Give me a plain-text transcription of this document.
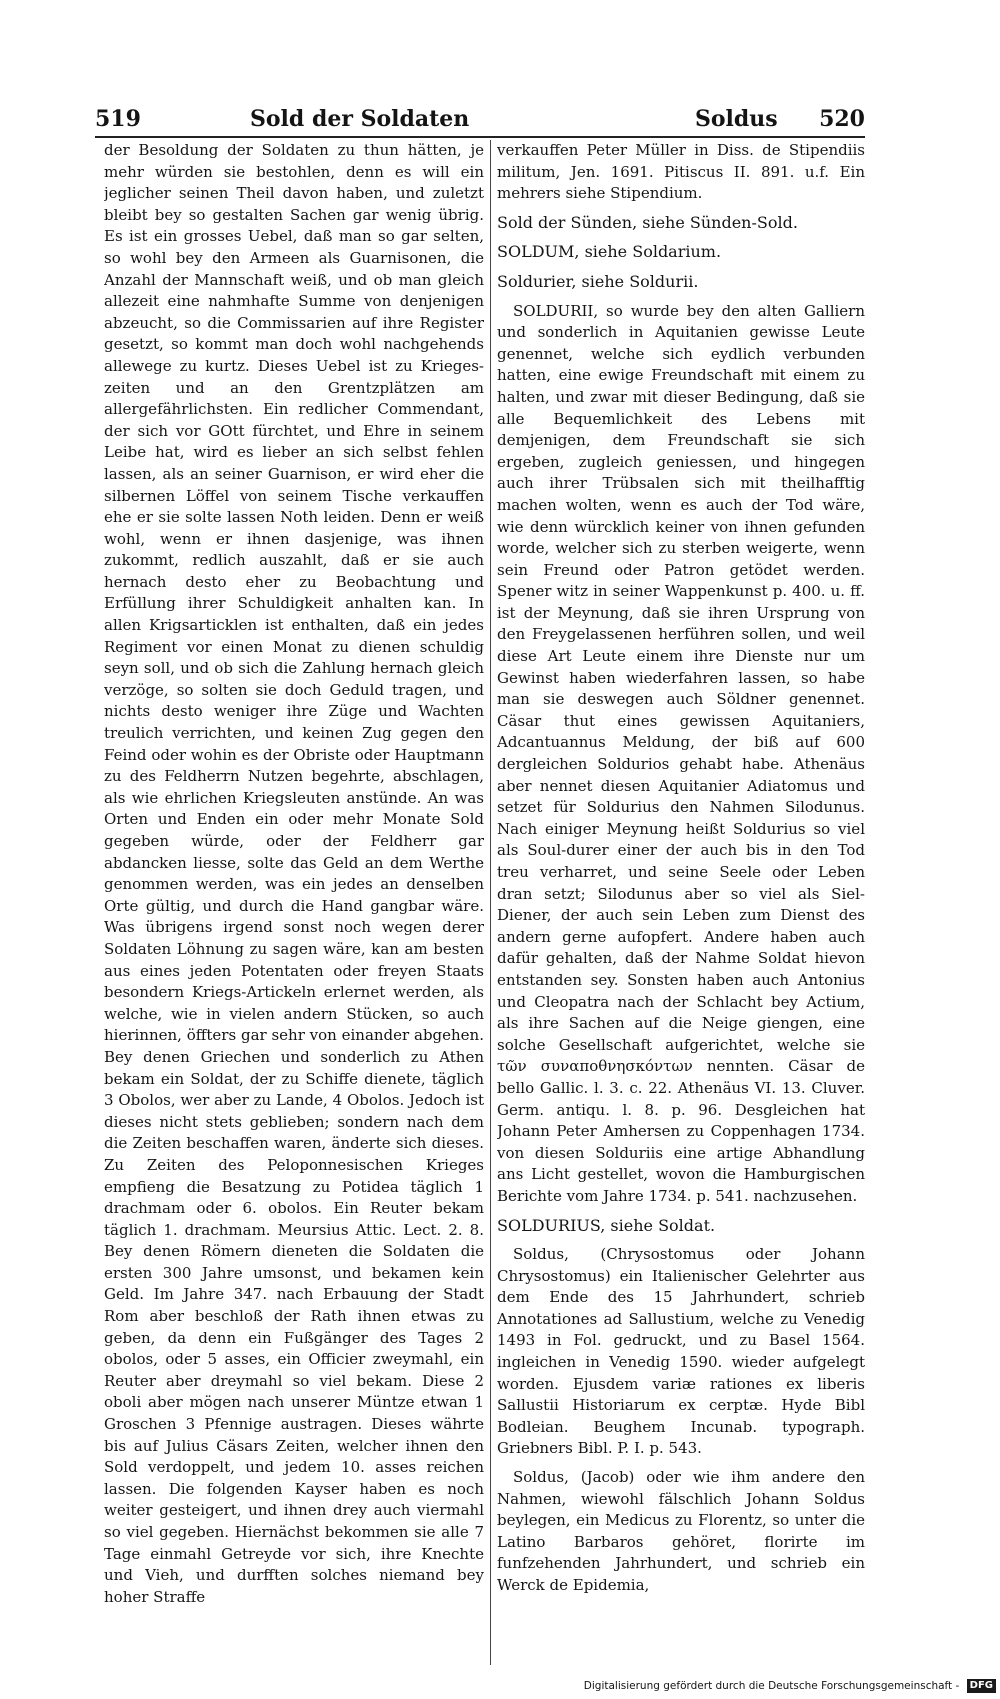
519	Sold der Soldaten	Soldus 520

der Besoldung der Soldaten zu thun hätten, je mehr würden sie bestohlen, denn es will ein jeglicher seinen Theil davon haben, und zuletzt bleibt bey so gestalten Sachen gar wenig übrig. Es ist ein grosses Uebel, daß man so gar selten, so wohl bey den Armeen als Guarnisonen, die Anzahl der Mannschaft weiß, und ob man gleich allezeit eine nahmhafte Summe von denjenigen abzeucht, so die Commissarien auf ihre Register gesetzt, so kommt man doch wohl nachgehends allewege zu kurtz. Dieses Uebel ist zu Krieges-zeiten und an den Grentzplätzen am allergefährlichsten. Ein redlicher Commendant, der sich vor GOtt fürchtet, und Ehre in seinem Leibe hat, wird es lieber an sich selbst fehlen lassen, als an seiner Guarnison, er wird eher die silbernen Löffel von seinem Tische verkauffen ehe er sie solte lassen Noth leiden. Denn er weiß wohl, wenn er ihnen dasjenige, was ihnen zukommt, redlich auszahlt, daß er sie auch hernach desto eher zu Beobachtung und Erfüllung ihrer Schuldigkeit anhalten kan. In allen Krigsarticklen ist enthalten, daß ein jedes Regiment vor einen Monat zu dienen schuldig seyn soll, und ob sich die Zahlung hernach gleich verzöge, so solten sie doch Geduld tragen, und nichts desto weniger ihre Züge und Wachten treulich verrichten, und keinen Zug gegen den Feind oder wohin es der Obriste oder Hauptmann zu des Feldherrn Nutzen begehrte, abschlagen, als wie ehrlichen Kriegsleuten anstünde. An was Orten und Enden ein oder mehr Monate Sold gegeben würde, oder der Feldherr gar abdancken liesse, solte das Geld an dem Werthe genommen werden, was ein jedes an denselben Orte gültig, und durch die Hand gangbar wäre. Was übrigens irgend sonst noch wegen derer Soldaten Löhnung zu sagen wäre, kan am besten aus eines jeden Potentaten oder freyen Staats besondern Kriegs-Artickeln erlernet werden, als welche, wie in vielen andern Stücken, so auch hierinnen, öffters gar sehr von einander abgehen. Bey denen Griechen und sonderlich zu Athen bekam ein Soldat, der zu Schiffe dienete, täglich 3 Obolos, wer aber zu Lande, 4 Obolos. Jedoch ist dieses nicht stets geblieben; sondern nach dem die Zeiten beschaffen waren, änderte sich dieses. Zu Zeiten des Peloponnesischen Krieges empfieng die Besatzung zu Potidea täglich 1 drachmam oder 6. obolos. Ein Reuter bekam täglich 1. drachmam. Meursius Attic. Lect. 2. 8. Bey denen Römern dieneten die Soldaten die ersten 300 Jahre umsonst, und bekamen kein Geld. Im Jahre 347. nach Erbauung der Stadt Rom aber beschloß der Rath ihnen etwas zu geben, da denn ein Fußgänger des Tages 2 obolos, oder 5 asses, ein Officier zweymahl, ein Reuter aber dreymahl so viel bekam. Diese 2 oboli aber mögen nach unserer Müntze etwan 1 Groschen 3 Pfennige austragen. Dieses währte bis auf Julius Cäsars Zeiten, welcher ihnen den Sold verdoppelt, und jedem 10. asses reichen lassen. Die folgenden Kayser haben es noch weiter gesteigert, und ihnen drey auch viermahl so viel gegeben. Hiernächst bekommen sie alle 7 Tage einmahl Getreyde vor sich, ihre Knechte und Vieh, und durfften solches niemand bey hoher Straffe

verkauffen Peter Müller in Diss. de Stipendiis militum, Jen. 1691. Pitiscus II. 891. u.f. Ein mehrers siehe Stipendium.

Sold der Sünden, siehe Sünden-Sold.

SOLDUM, siehe Soldarium.

Soldurier, siehe Soldurii.

SOLDURII, so wurde bey den alten Galliern und sonderlich in Aquitanien gewisse Leute genennet, welche sich eydlich verbunden hatten, eine ewige Freundschaft mit einem zu halten, und zwar mit dieser Bedingung, daß sie alle Bequemlichkeit des Lebens mit demjenigen, dem Freundschaft sie sich ergeben, zugleich geniessen, und hingegen auch ihrer Trübsalen sich mit theilhafftig machen wolten, wenn es auch der Tod wäre, wie denn würcklich keiner von ihnen gefunden worde, welcher sich zu sterben weigerte, wenn sein Freund oder Patron getödet werden. Spener witz in seiner Wappenkunst p. 400. u. ff. ist der Meynung, daß sie ihren Ursprung von den Freygelassenen herführen sollen, und weil diese Art Leute einem ihre Dienste nur um Gewinst haben wiederfahren lassen, so habe man sie deswegen auch Söldner genennet. Cäsar thut eines gewissen Aquitaniers, Adcantuannus Meldung, der biß auf 600 dergleichen Soldurios gehabt habe. Athenäus aber nennet diesen Aquitanier Adiatomus und setzet für Soldurius den Nahmen Silodunus. Nach einiger Meynung heißt Soldurius so viel als Soul-durer einer der auch bis in den Tod treu verharret, und seine Seele oder Leben dran setzt; Silodunus aber so viel als Siel-Diener, der auch sein Leben zum Dienst des andern gerne aufopfert. Andere haben auch dafür gehalten, daß der Nahme Soldat hievon entstanden sey. Sonsten haben auch Antonius und Cleopatra nach der Schlacht bey Actium, als ihre Sachen auf die Neige giengen, eine solche Gesellschaft aufgerichtet, welche sie τῶν συναποθνησκόντων nennten. Cäsar de bello Gallic. l. 3. c. 22. Athenäus VI. 13. Cluver. Germ. antiqu. l. 8. p. 96. Desgleichen hat Johann Peter Amhersen zu Coppenhagen 1734. von diesen Solduriis eine artige Abhandlung ans Licht gestellet, wovon die Hamburgischen Berichte vom Jahre 1734. p. 541. nachzusehen.

SOLDURIUS, siehe Soldat.

Soldus, (Chrysostomus oder Johann Chrysostomus) ein Italienischer Gelehrter aus dem Ende des 15 Jahrhundert, schrieb Annotationes ad Sallustium, welche zu Venedig 1493 in Fol. gedruckt, und zu Basel 1564. ingleichen in Venedig 1590. wieder aufgelegt worden. Ejusdem variæ rationes ex liberis Sallustii Historiarum ex cerptæ. Hyde Bibl Bodleian. Beughem Incunab. typograph. Griebners Bibl. P. I. p. 543.

Soldus, (Jacob) oder wie ihm andere den Nahmen, wiewohl fälschlich Johann Soldus beylegen, ein Medicus zu Florentz, so unter die Latino Barbaros gehöret, florirte im funfzehenden Jahrhundert, und schrieb ein Werck de Epidemia,

Digitalisierung gefördert durch die Deutsche Forschungsgemeinschaft - DFG
